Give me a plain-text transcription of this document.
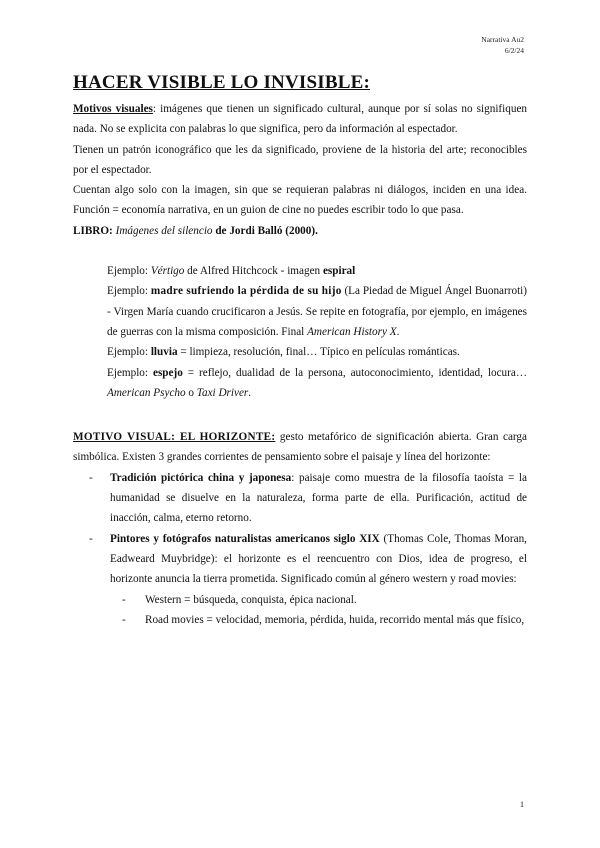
Narrativa Au2
6/2/24
HACER VISIBLE LO INVISIBLE:

Motivos visuales: imágenes que tienen un significado cultural, aunque por sí solas no signifiquen nada. No se explicita con palabras lo que significa, pero da información al espectador.

Tienen un patrón iconográfico que les da significado, proviene de la historia del arte; reconocibles por el espectador.

Cuentan algo solo con la imagen, sin que se requieran palabras ni diálogos, inciden en una idea. Función = economía narrativa, en un guion de cine no puedes escribir todo lo que pasa.

LIBRO: Imágenes del silencio de Jordi Balló (2000).

Ejemplo: Vértigo de Alfred Hitchcock - imagen espiral

Ejemplo: madre sufriendo la pérdida de su hijo (La Piedad de Miguel Ángel Buonarroti) - Virgen María cuando crucificaron a Jesús. Se repite en fotografía, por ejemplo, en imágenes de guerras con la misma composición. Final American History X.

Ejemplo: lluvia = limpieza, resolución, final… Típico en películas románticas.

Ejemplo: espejo = reflejo, dualidad de la persona, autoconocimiento, identidad, locura… American Psycho o Taxi Driver.

MOTIVO VISUAL: EL HORIZONTE: gesto metafórico de significación abierta. Gran carga simbólica. Existen 3 grandes corrientes de pensamiento sobre el paisaje y línea del horizonte:

- Tradición pictórica china y japonesa: paisaje como muestra de la filosofía taoísta = la humanidad se disuelve en la naturaleza, forma parte de ella. Purificación, actitud de inacción, calma, eterno retorno.
- Pintores y fotógrafos naturalistas americanos siglo XIX (Thomas Cole, Thomas Moran, Eadweard Muybridge): el horizonte es el reencuentro con Dios, idea de progreso, el horizonte anuncia la tierra prometida. Significado común al género western y road movies:
- Western = búsqueda, conquista, épica nacional.
- Road movies = velocidad, memoria, pérdida, huida, recorrido mental más que físico,
1
